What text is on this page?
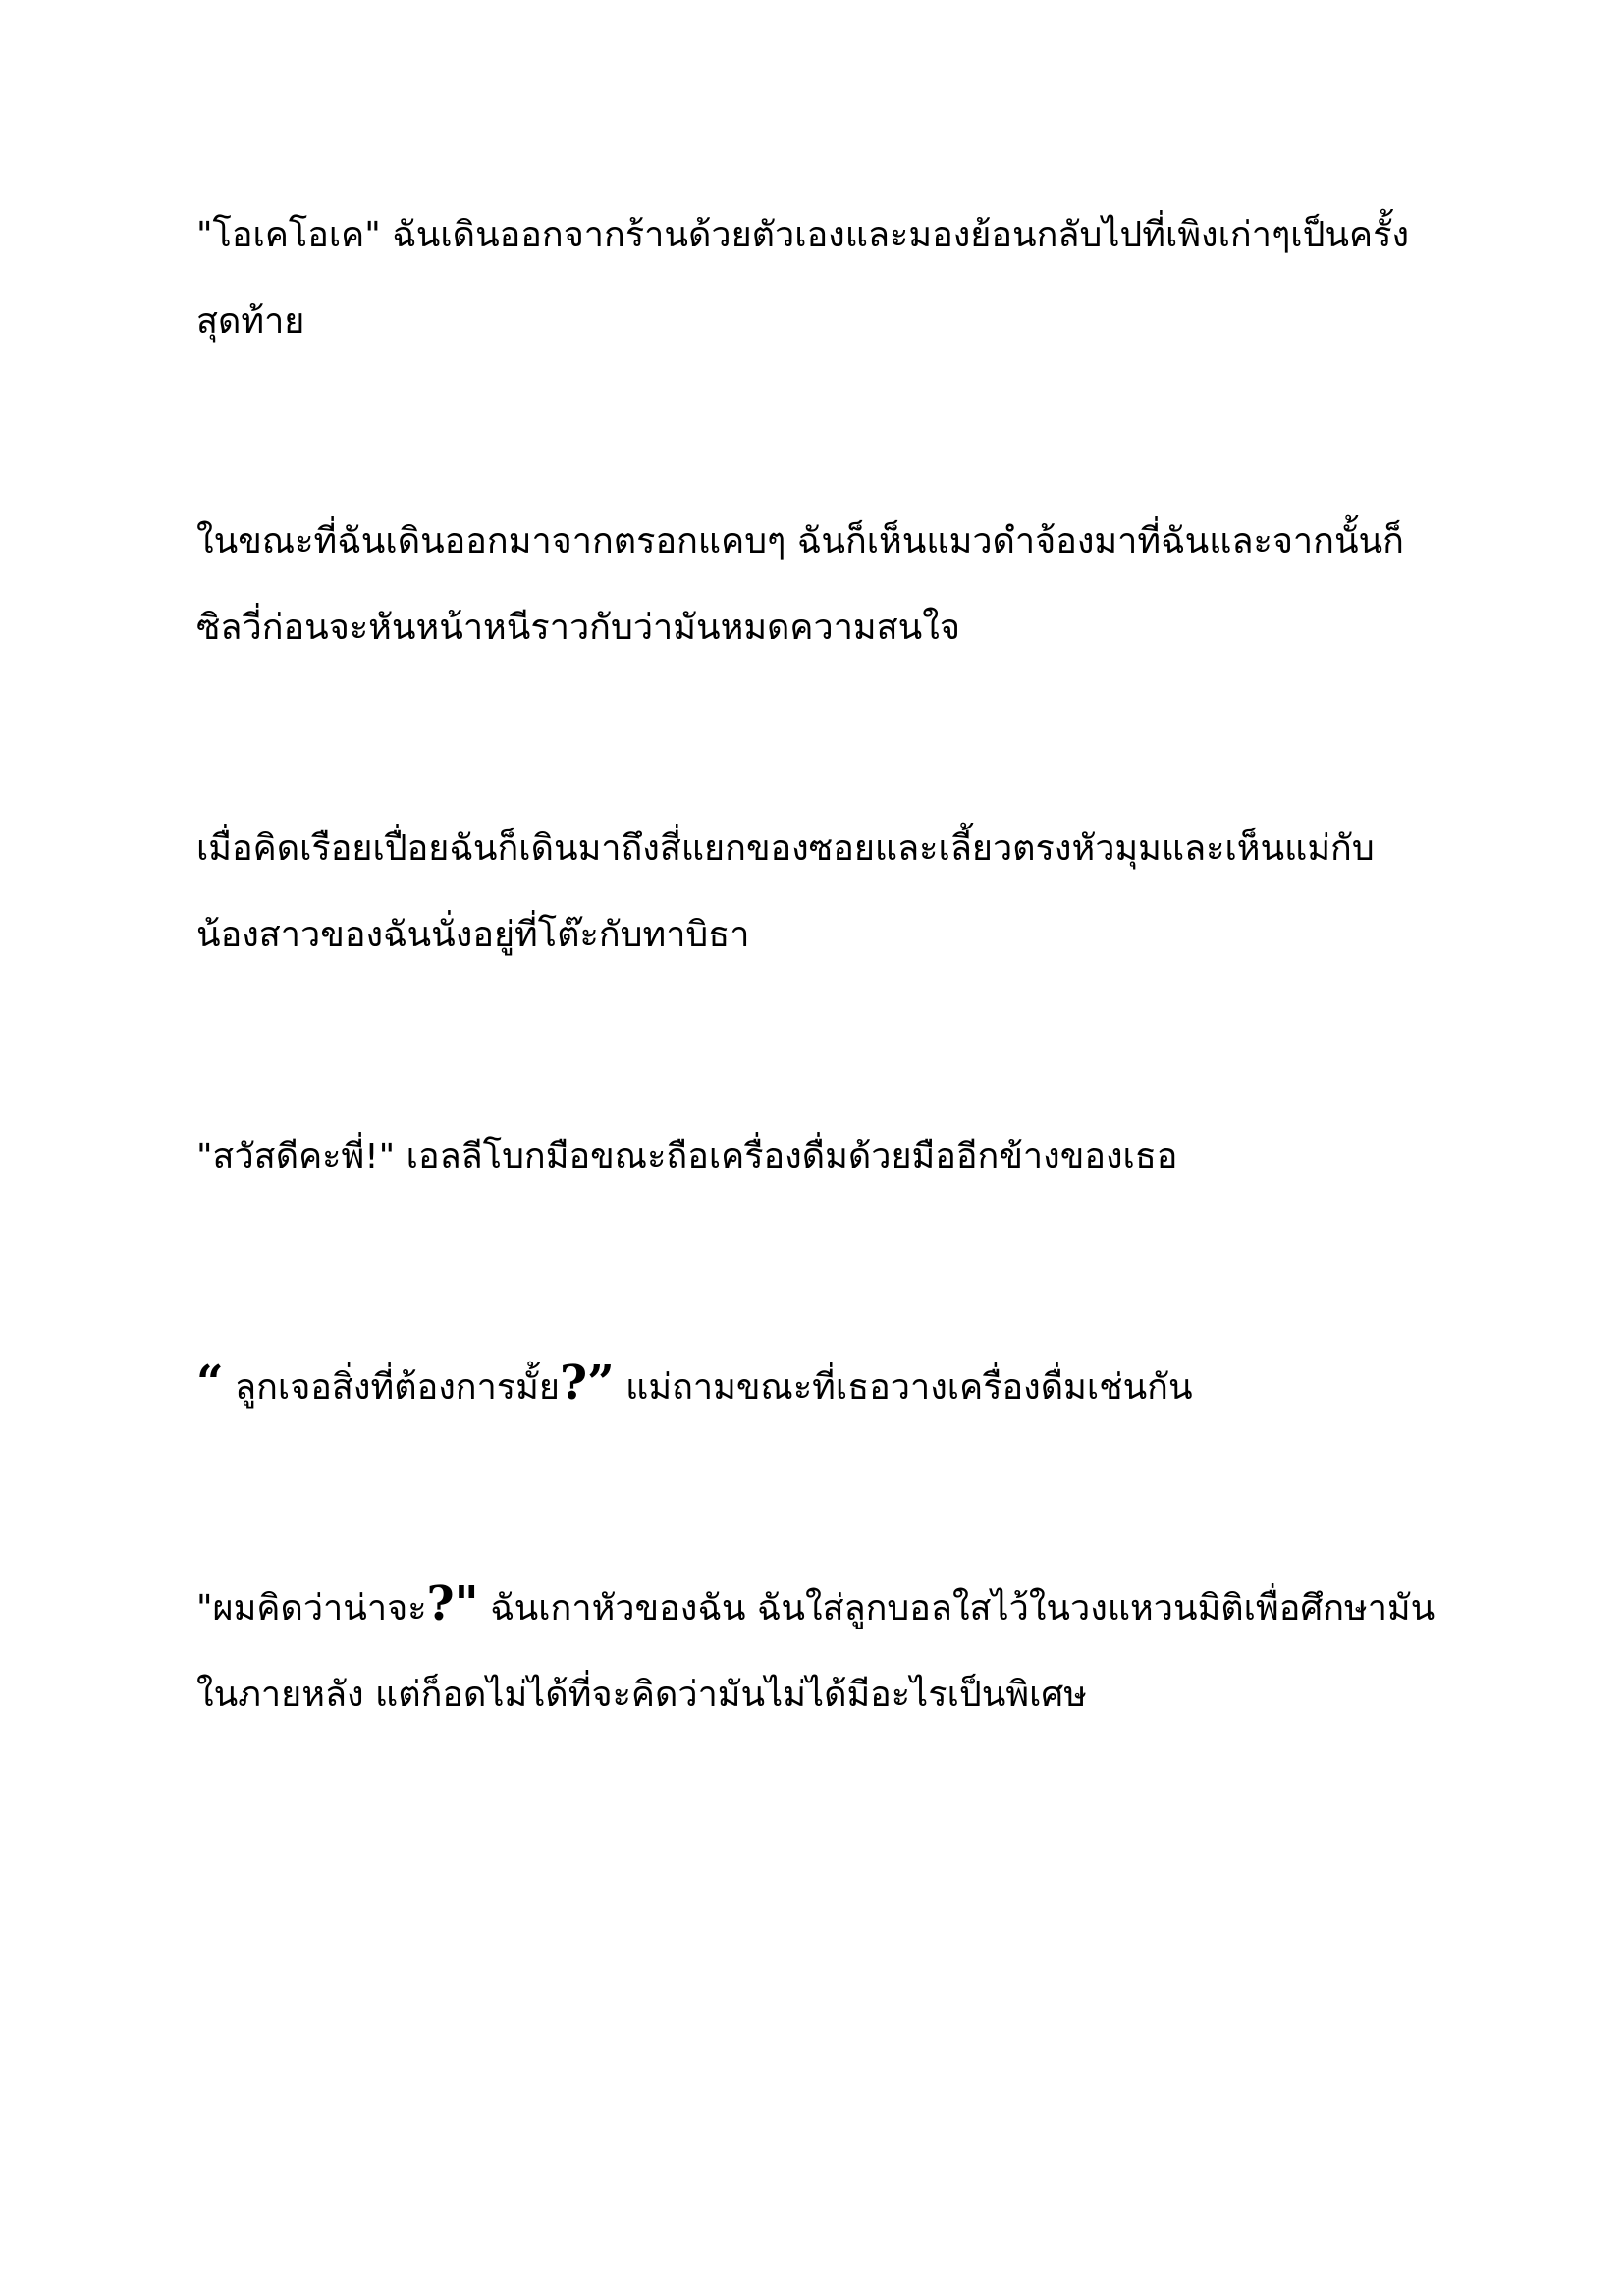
"โอเคโอเค" ฉันเดินออกจากร้านด้วยตัวเองและมองย้อนกลับไปที่เพิงเก่าๆเป็นครั้ง
สุดท้าย

ในขณะที่ฉันเดินออกมาจากตรอกแคบๆ ฉันก็เห็นแมวดำจ้องมาที่ฉันและจากนั้นก็
ซิลวี่ก่อนจะหันหน้าหนีราวกับว่ามันหมดความสนใจ

เมื่อคิดเรือยเปื่อยฉันก็เดินมาถึงสี่แยกของซอยและเลี้ยวตรงหัวมุมและเห็นแม่กับ
น้องสาวของฉันนั่งอยู่ที่โต๊ะกับทาบิธา

"สวัสดีคะพี่!" เอลลีโบกมือขณะถือเครื่องดื่มด้วยมืออีกข้างของเธอ

“ ลูกเจอสิ่งที่ต้องการมั้ย?” แม่ถามขณะที่เธอวางเครื่องดื่มเช่นกัน

"ผมคิดว่าน่าจะ?" ฉันเกาหัวของฉัน ฉันใส่ลูกบอลใสไว้ในวงแหวนมิติเพื่อศึกษามัน
ในภายหลัง แต่ก็อดไม่ได้ที่จะคิดว่ามันไม่ได้มีอะไรเป็นพิเศษ
